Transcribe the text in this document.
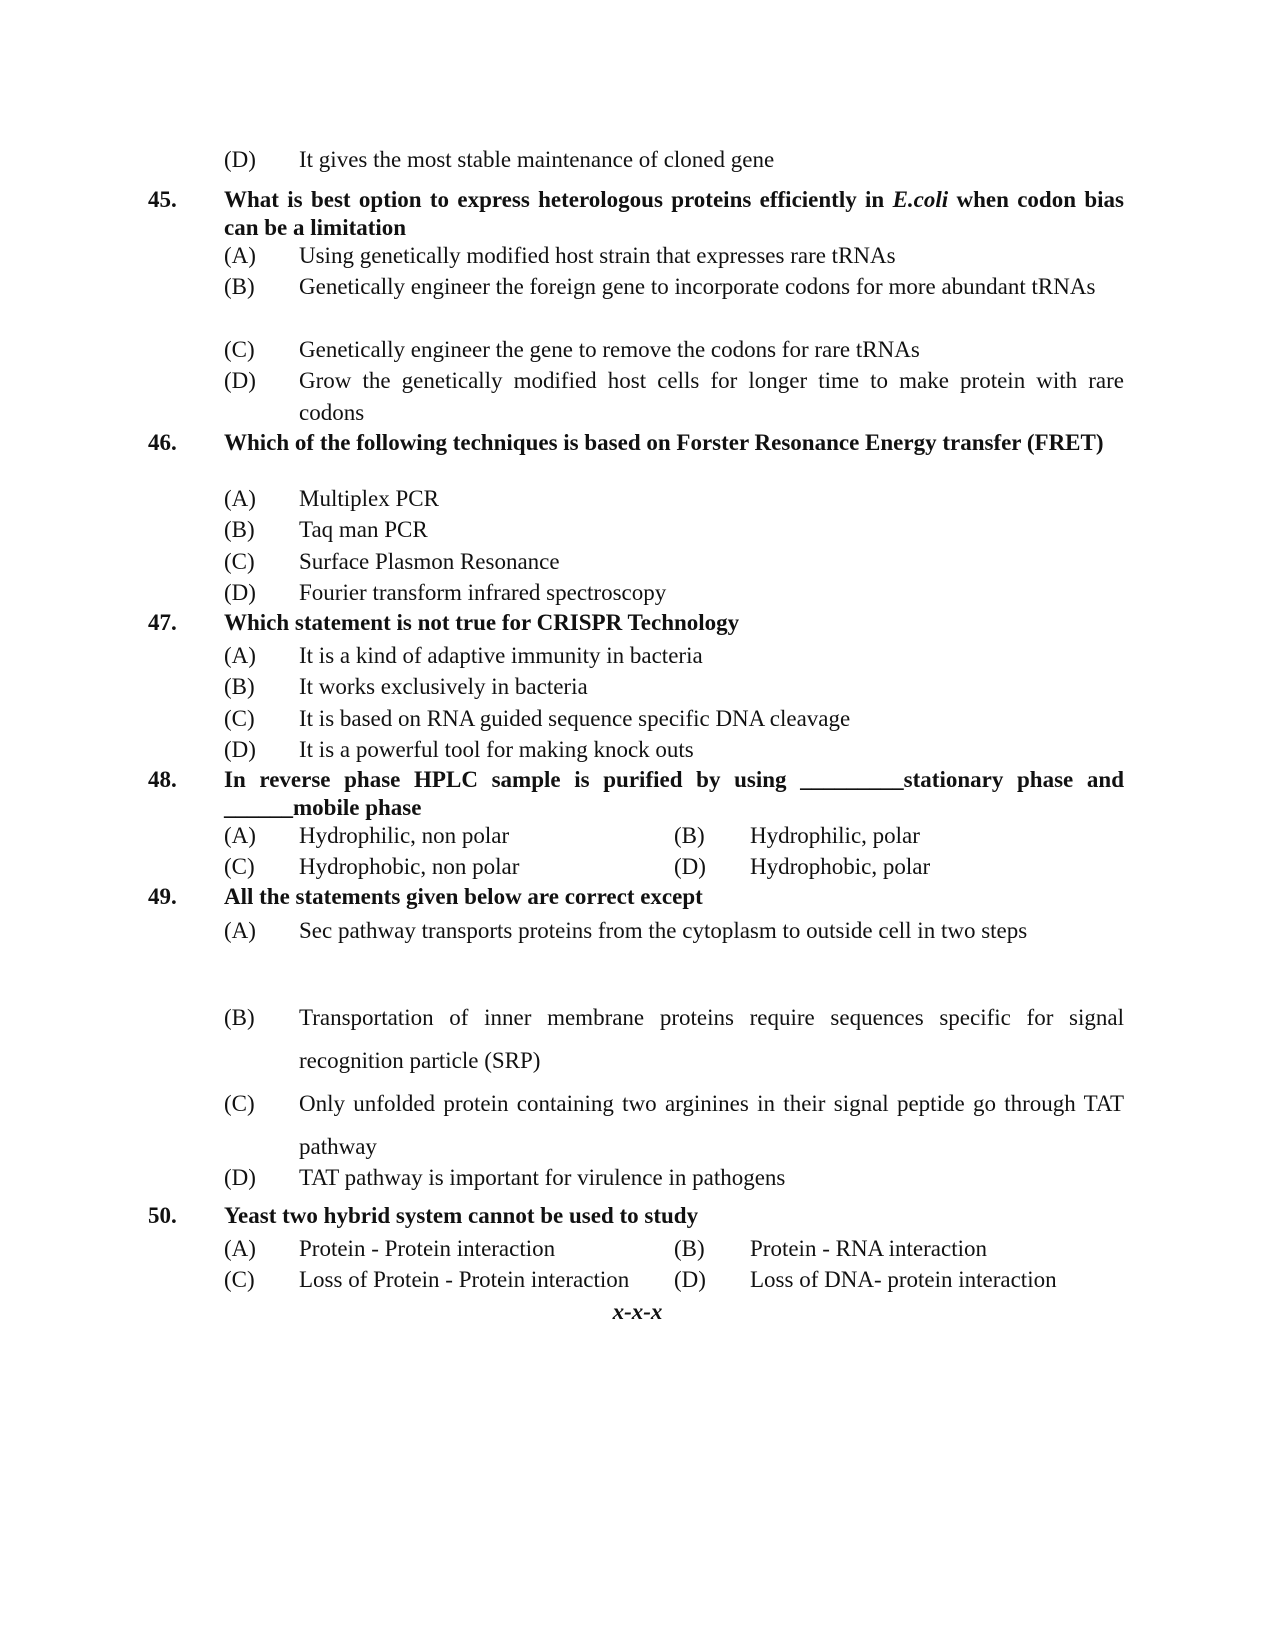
(D) It gives the most stable maintenance of cloned gene
45. What is best option to express heterologous proteins efficiently in E.coli when codon bias can be a limitation
(A) Using genetically modified host strain that expresses rare tRNAs
(B) Genetically engineer the foreign gene to incorporate codons for more abundant tRNAs
(C) Genetically engineer the gene to remove the codons for rare tRNAs
(D) Grow the genetically modified host cells for longer time to make protein with rare codons
46. Which of the following techniques is based on Forster Resonance Energy transfer (FRET)
(A) Multiplex PCR
(B) Taq man PCR
(C) Surface Plasmon Resonance
(D) Fourier transform infrared spectroscopy
47. Which statement is not true for CRISPR Technology
(A) It is a kind of adaptive immunity in bacteria
(B) It works exclusively in bacteria
(C) It is based on RNA guided sequence specific DNA cleavage
(D) It is a powerful tool for making knock outs
48. In reverse phase HPLC sample is purified by using _________stationary phase and ______mobile phase
(A) Hydrophilic, non polar	(B) Hydrophilic, polar
(C) Hydrophobic, non polar	(D) Hydrophobic, polar
49. All the statements given below are correct except
(A) Sec pathway transports proteins from the cytoplasm to outside cell in two steps
(B) Transportation of inner membrane proteins require sequences specific for signal recognition particle (SRP)
(C) Only unfolded protein containing two arginines in their signal peptide go through TAT pathway
(D) TAT pathway is important for virulence in pathogens
50. Yeast two hybrid system cannot be used to study
(A) Protein - Protein interaction	(B) Protein - RNA interaction
(C) Loss of Protein - Protein interaction (D) Loss of DNA- protein interaction
x-x-x
